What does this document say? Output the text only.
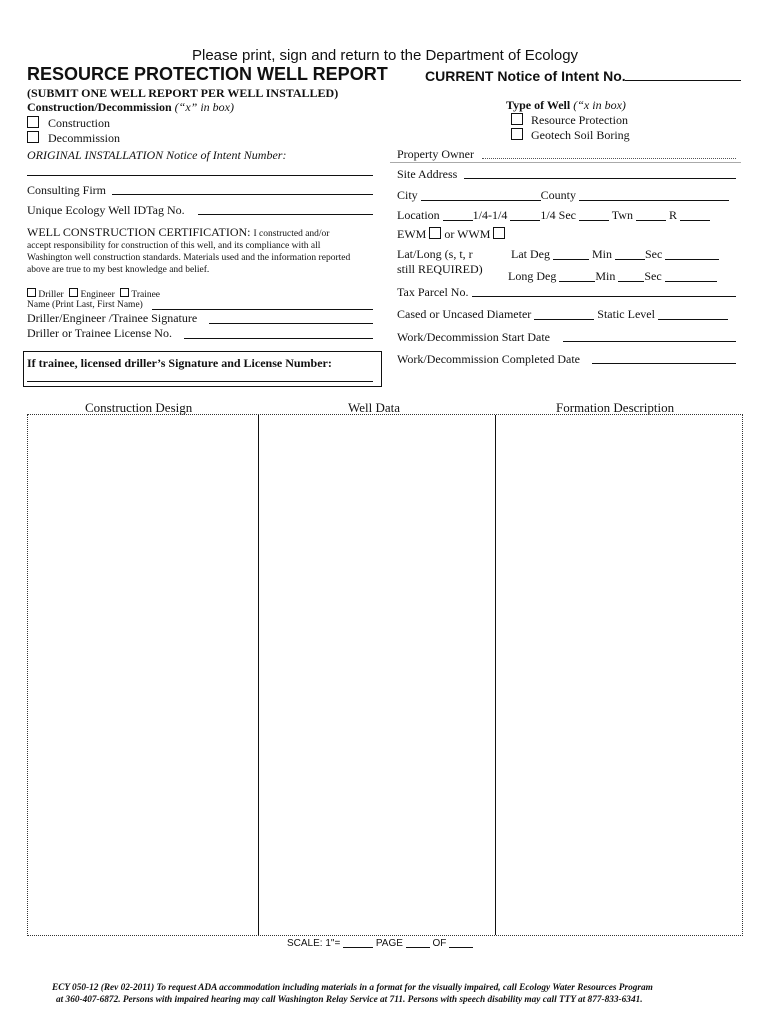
Please print, sign and return to the Department of Ecology
RESOURCE PROTECTION WELL REPORT	CURRENT Notice of Intent No.
(SUBMIT ONE WELL REPORT PER WELL INSTALLED)
Construction/Decommission (“x” in box)
Construction
Decommission
ORIGINAL INSTALLATION Notice of Intent Number:
Consulting Firm
Unique Ecology Well IDTag No.
WELL CONSTRUCTION CERTIFICATION: I constructed and/or
accept responsibility for construction of this well, and its compliance with all
Washington well construction standards. Materials used and the information reported
above are true to my best knowledge and belief.
Driller Engineer Trainee
Name (Print Last, First Name)
Driller/Engineer /Trainee Signature
Driller or Trainee License No.
If trainee, licensed driller’s Signature and License Number:
Type of Well (“x in box)
Resource Protection
Geotech Soil Boring
Property Owner
Site Address
City	County
Location	1/4-1/4	1/4 Sec	Twn	R
EWM or WWM
Lat/Long (s, t, r
still REQUIRED)
Lat Deg	Min	Sec
Long Deg	Min Sec
Tax Parcel No.
Cased or Uncased Diameter	Static Level
Work/Decommission Start Date
Work/Decommission Completed Date
Construction Design	Well Data	Formation Description
SCALE: 1"=	PAGE	OF
ECY 050-12 (Rev 02-2011) To request ADA accommodation including materials in a format for the visually impaired, call Ecology Water Resources Program
at 360-407-6872. Persons with impaired hearing may call Washington Relay Service at 711. Persons with speech disability may call TTY at 877-833-6341.
